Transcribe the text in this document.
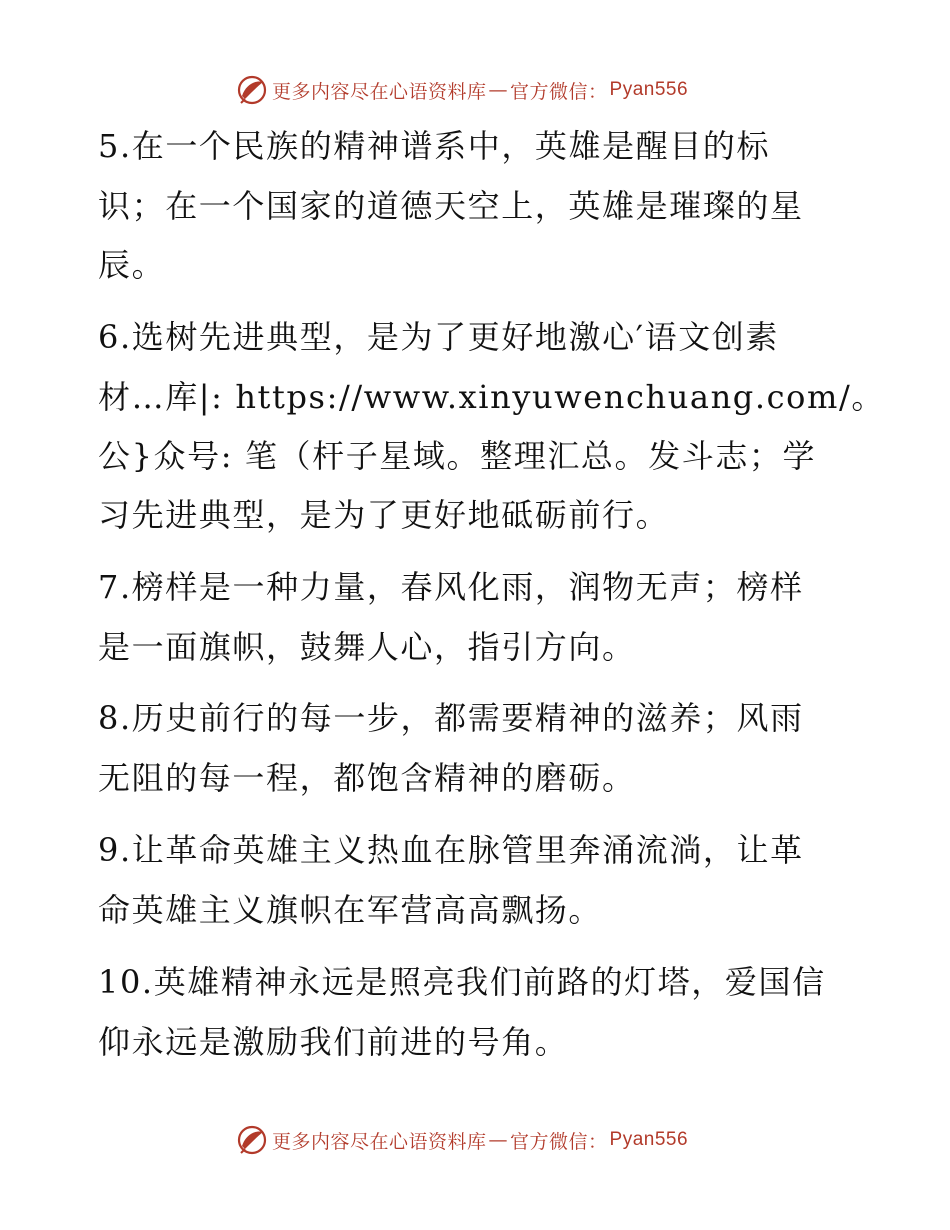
更多内容尽在心语资料库 — 官方微信： Pyan556
5.在一个民族的精神谱系中，英雄是醒目的标
识；在一个国家的道德天空上，英雄是璀璨的星
辰。
6.选树先进典型，是为了更好地激心′语文创素
材…库|: https://www.xinyuwenchuang.com/。
公}众号: 笔（杆子星域。整理汇总。发斗志；学
习先进典型，是为了更好地砥砺前行。
7.榜样是一种力量，春风化雨，润物无声；榜样
是一面旗帜，鼓舞人心，指引方向。
8.历史前行的每一步，都需要精神的滋养；风雨
无阻的每一程，都饱含精神的磨砺。
9.让革命英雄主义热血在脉管里奔涌流淌，让革
命英雄主义旗帜在军营高高飘扬。
10.英雄精神永远是照亮我们前路的灯塔，爱国信
仰永远是激励我们前进的号角。
更多内容尽在心语资料库 — 官方微信： Pyan556
